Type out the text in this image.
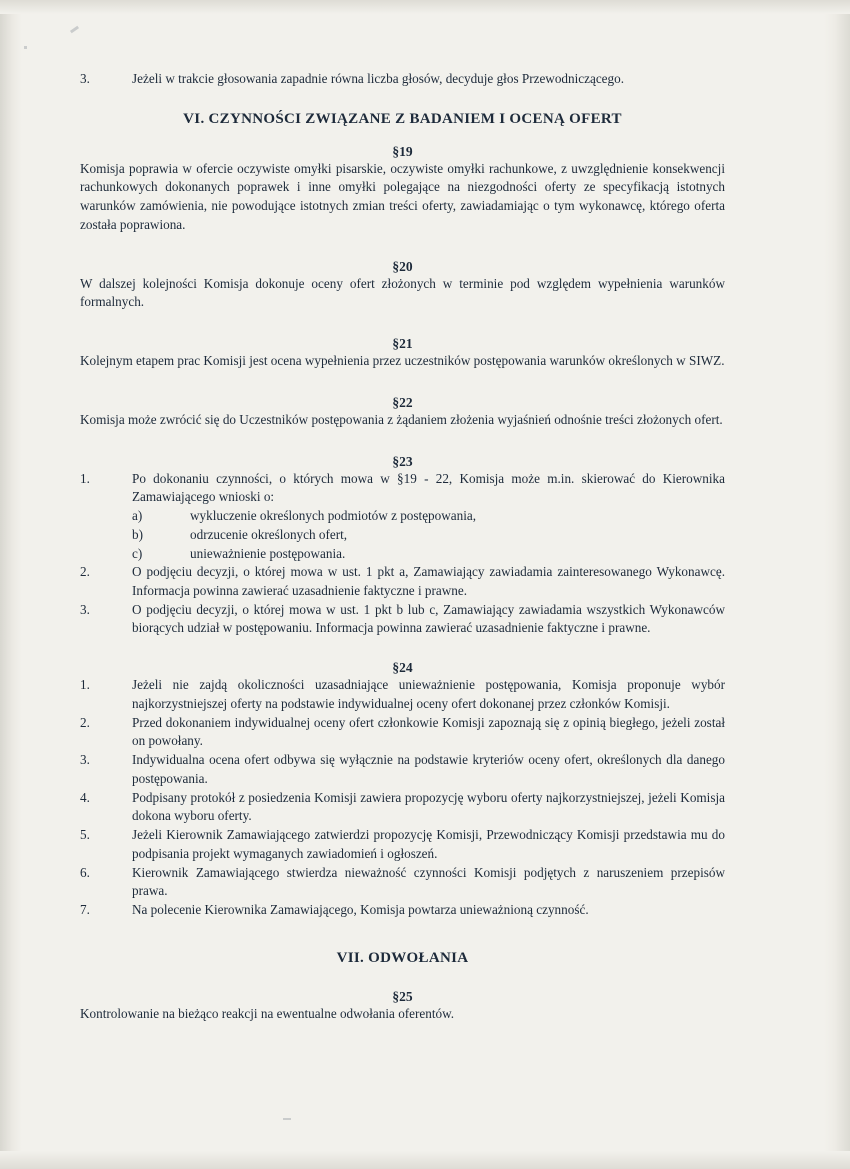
3.	Jeżeli w trakcie głosowania zapadnie równa liczba głosów, decyduje głos Przewodniczącego.
VI. CZYNNOŚCI ZWIĄZANE Z BADANIEM I OCENĄ OFERT
§19

Komisja poprawia w ofercie oczywiste omyłki pisarskie, oczywiste omyłki rachunkowe, z uwzględnienie konsekwencji rachunkowych dokonanych poprawek i inne omyłki polegające na niezgodności oferty ze specyfikacją istotnych warunków zamówienia, nie powodujące istotnych zmian treści oferty, zawiadamiając o tym wykonawcę, którego oferta została poprawiona.

§20

W dalszej kolejności Komisja dokonuje oceny ofert złożonych w terminie pod względem wypełnienia warunków formalnych.

§21

Kolejnym etapem prac Komisji jest ocena wypełnienia przez uczestników postępowania warunków określonych w SIWZ.

§22

Komisja może zwrócić się do Uczestników postępowania z żądaniem złożenia wyjaśnień odnośnie treści złożonych ofert.

§23
1.	Po dokonaniu czynności, o których mowa w §19 - 22, Komisja może m.in. skierować do Kierownika Zamawiającego wnioski o:
a)	wykluczenie określonych podmiotów z postępowania,
b)	odrzucenie określonych ofert,
c)	unieważnienie postępowania.
2.	O podjęciu decyzji, o której mowa w ust. 1 pkt a, Zamawiający zawiadamia zainteresowanego Wykonawcę. Informacja powinna zawierać uzasadnienie faktyczne i prawne.
3.	O podjęciu decyzji, o której mowa w ust. 1 pkt b lub c, Zamawiający zawiadamia wszystkich Wykonawców biorących udział w postępowaniu. Informacja powinna zawierać uzasadnienie faktyczne i prawne.
§24
1.	Jeżeli nie zajdą okoliczności uzasadniające unieważnienie postępowania, Komisja proponuje wybór najkorzystniejszej oferty na podstawie indywidualnej oceny ofert dokonanej przez członków Komisji.
2.	Przed dokonaniem indywidualnej oceny ofert członkowie Komisji zapoznają się z opinią biegłego, jeżeli został on powołany.
3.	Indywidualna ocena ofert odbywa się wyłącznie na podstawie kryteriów oceny ofert, określonych dla danego postępowania.
4.	Podpisany protokół z posiedzenia Komisji zawiera propozycję wyboru oferty najkorzystniejszej, jeżeli Komisja dokona wyboru oferty.
5.	Jeżeli Kierownik Zamawiającego zatwierdzi propozycję Komisji, Przewodniczący Komisji przedstawia mu do podpisania projekt wymaganych zawiadomień i ogłoszeń.
6.	Kierownik Zamawiającego stwierdza nieważność czynności Komisji podjętych z naruszeniem przepisów prawa.
7.	Na polecenie Kierownika Zamawiającego, Komisja powtarza unieważnioną czynność.
VII. ODWOŁANIA
§25

Kontrolowanie na bieżąco reakcji na ewentualne odwołania oferentów.
